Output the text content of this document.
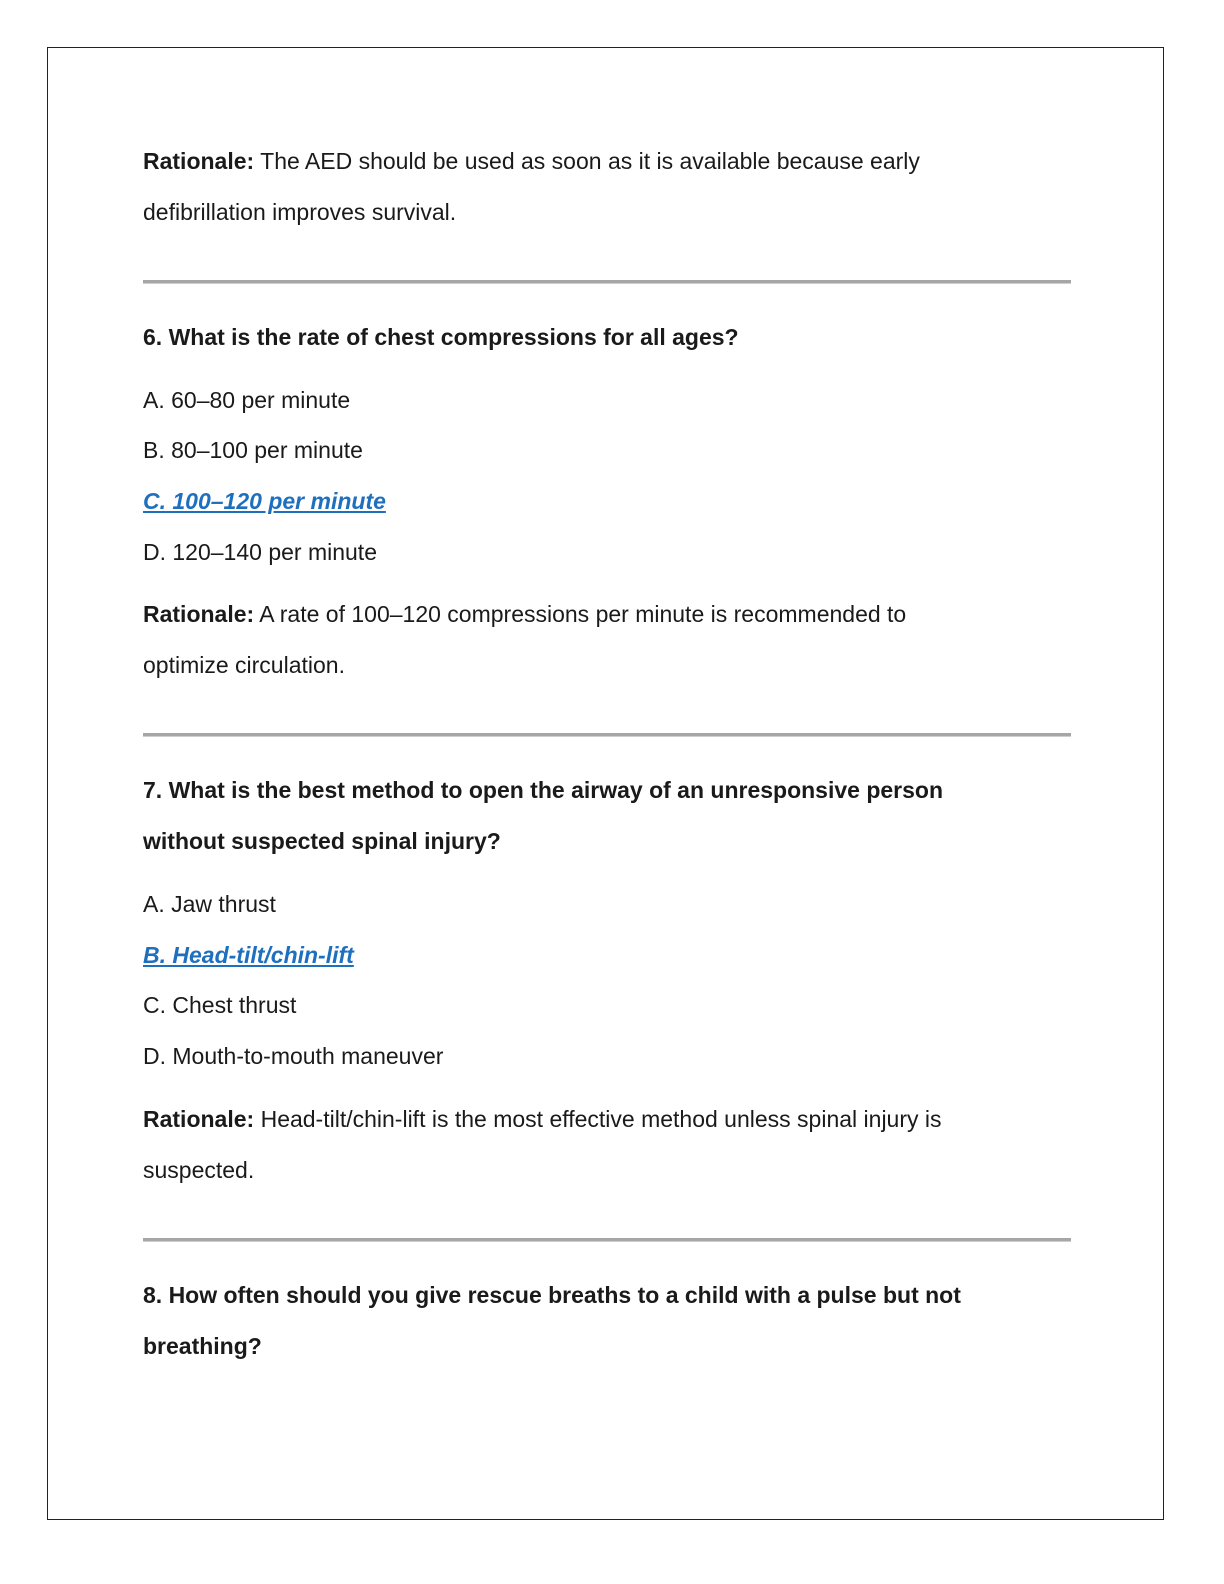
Rationale: The AED should be used as soon as it is available because early
defibrillation improves survival.
6. What is the rate of chest compressions for all ages?
A. 60–80 per minute
B. 80–100 per minute
C. 100–120 per minute
D. 120–140 per minute
Rationale: A rate of 100–120 compressions per minute is recommended to
optimize circulation.
7. What is the best method to open the airway of an unresponsive person
without suspected spinal injury?
A. Jaw thrust
B. Head-tilt/chin-lift
C. Chest thrust
D. Mouth-to-mouth maneuver
Rationale: Head-tilt/chin-lift is the most effective method unless spinal injury is
suspected.
8. How often should you give rescue breaths to a child with a pulse but not
breathing?
